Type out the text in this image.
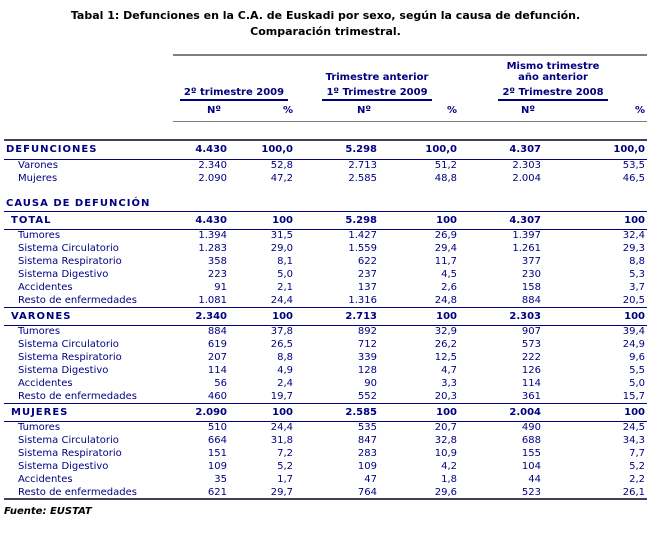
Tabal 1: Defunciones en la C.A. de Euskadi por sexo, según la causa de defunción.
Comparación trimestral.
			Trimestre anterior		Mismo trimestre
año anterior	
	2º trimestre 2009		1º Trimestre 2009		2º Trimestre 2008	
	Nº	%	Nº	%	Nº	%

DEFUNCIONES	4.430	100,0	5.298	100,0	4.307	100,0
Varones	2.340	52,8	2.713	51,2	2.303	53,5
Mujeres	2.090	47,2	2.585	48,8	2.004	46,5

CAUSA DE DEFUNCIÓN						
TOTAL	4.430	100	5.298	100	4.307	100
Tumores	1.394	31,5	1.427	26,9	1.397	32,4
Sistema Circulatorio	1.283	29,0	1.559	29,4	1.261	29,3
Sistema Respiratorio	358	8,1	622	11,7	377	8,8
Sistema Digestivo	223	5,0	237	4,5	230	5,3
Accidentes	91	2,1	137	2,6	158	3,7
Resto de enfermedades	1.081	24,4	1.316	24,8	884	20,5
VARONES	2.340	100	2.713	100	2.303	100
Tumores	884	37,8	892	32,9	907	39,4
Sistema Circulatorio	619	26,5	712	26,2	573	24,9
Sistema Respiratorio	207	8,8	339	12,5	222	9,6
Sistema Digestivo	114	4,9	128	4,7	126	5,5
Accidentes	56	2,4	90	3,3	114	5,0
Resto de enfermedades	460	19,7	552	20,3	361	15,7
MUJERES	2.090	100	2.585	100	2.004	100
Tumores	510	24,4	535	20,7	490	24,5
Sistema Circulatorio	664	31,8	847	32,8	688	34,3
Sistema Respiratorio	151	7,2	283	10,9	155	7,7
Sistema Digestivo	109	5,2	109	4,2	104	5,2
Accidentes	35	1,7	47	1,8	44	2,2
Resto de enfermedades	621	29,7	764	29,6	523	26,1
Fuente: EUSTAT
